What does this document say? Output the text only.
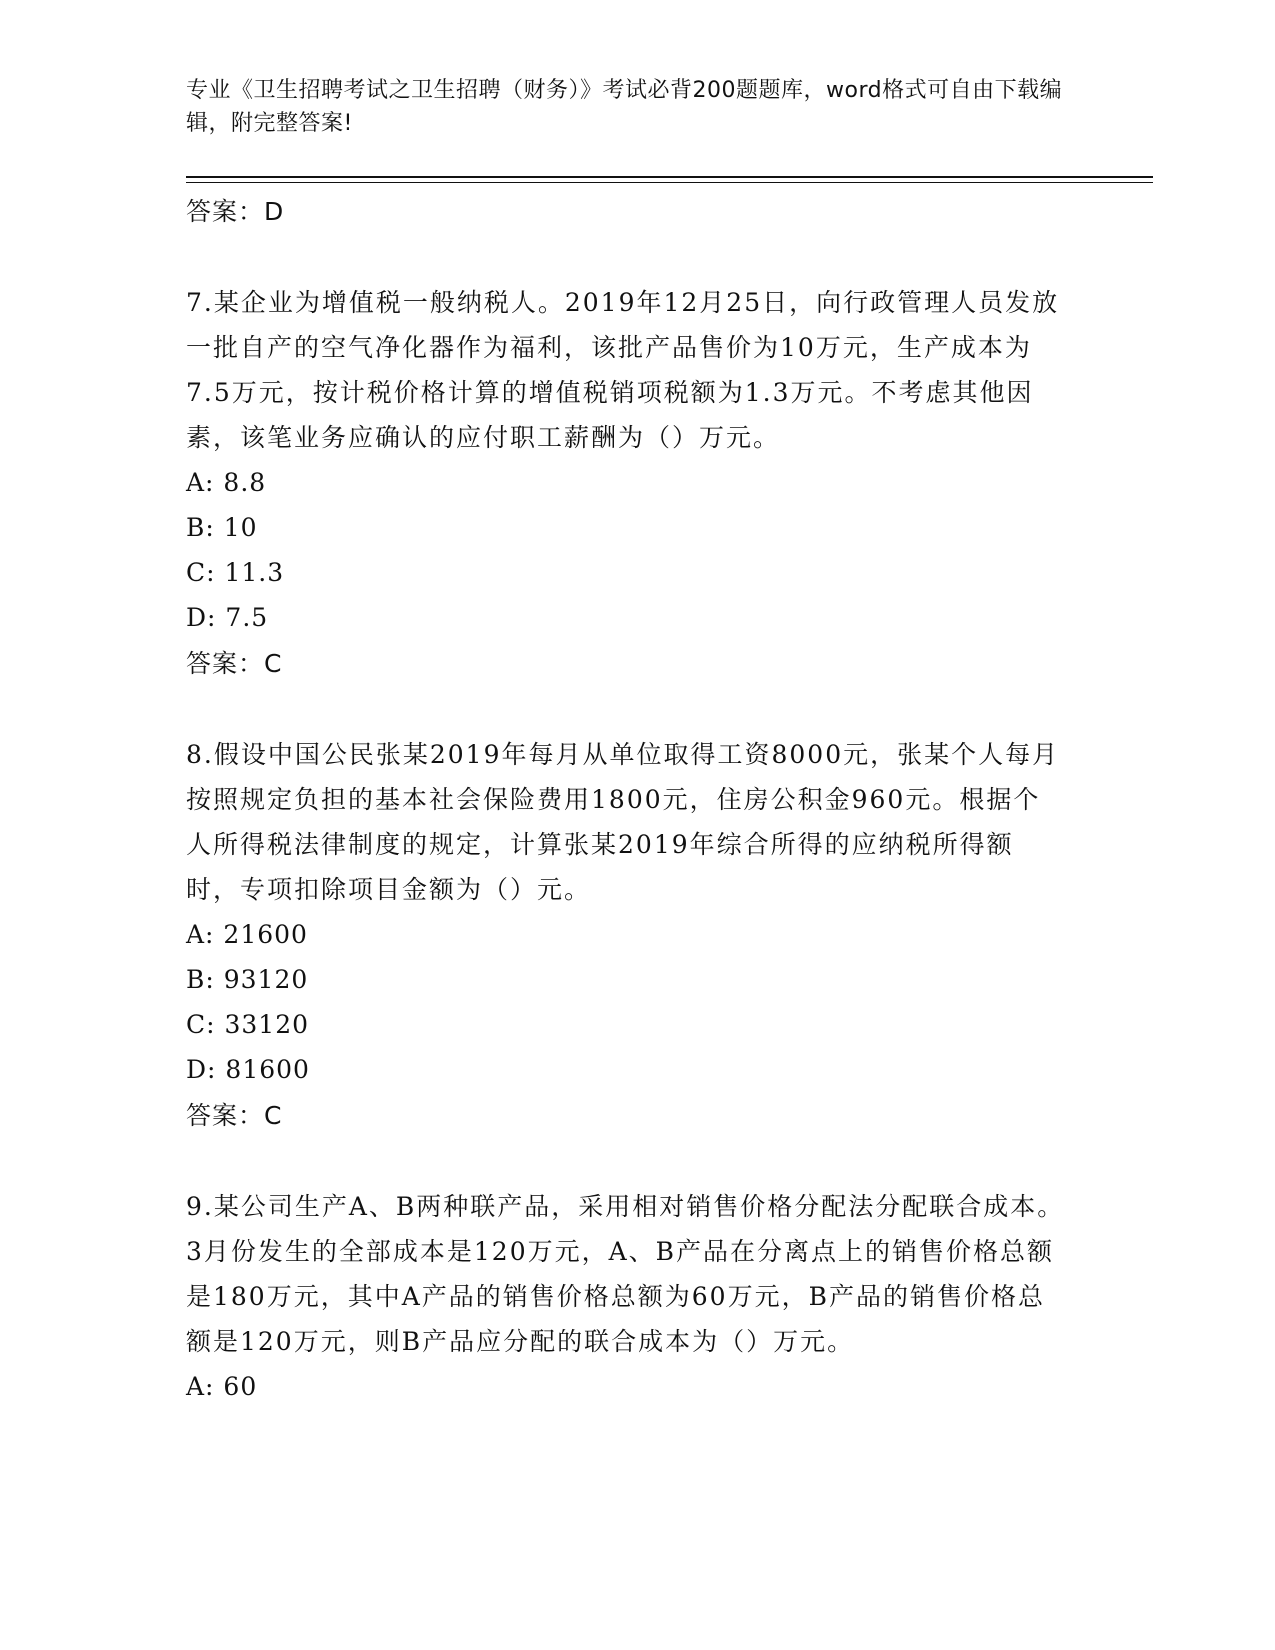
专业《卫生招聘考试之卫生招聘（财务）》考试必背200题题库，word格式可自由下载编辑，附完整答案!
答案：D
7.某企业为增值税一般纳税人。2019年12月25日，向行政管理人员发放一批自产的空气净化器作为福利，该批产品售价为10万元，生产成本为7.5万元，按计税价格计算的增值税销项税额为1.3万元。不考虑其他因素，该笔业务应确认的应付职工薪酬为（）万元。
A: 8.8
B: 10
C: 11.3
D: 7.5
答案：C
8.假设中国公民张某2019年每月从单位取得工资8000元，张某个人每月按照规定负担的基本社会保险费用1800元，住房公积金960元。根据个人所得税法律制度的规定，计算张某2019年综合所得的应纳税所得额时，专项扣除项目金额为（）元。
A: 21600
B: 93120
C: 33120
D: 81600
答案：C
9.某公司生产A、B两种联产品，采用相对销售价格分配法分配联合成本。3月份发生的全部成本是120万元，A、B产品在分离点上的销售价格总额是180万元，其中A产品的销售价格总额为60万元，B产品的销售价格总额是120万元，则B产品应分配的联合成本为（）万元。
A: 60
